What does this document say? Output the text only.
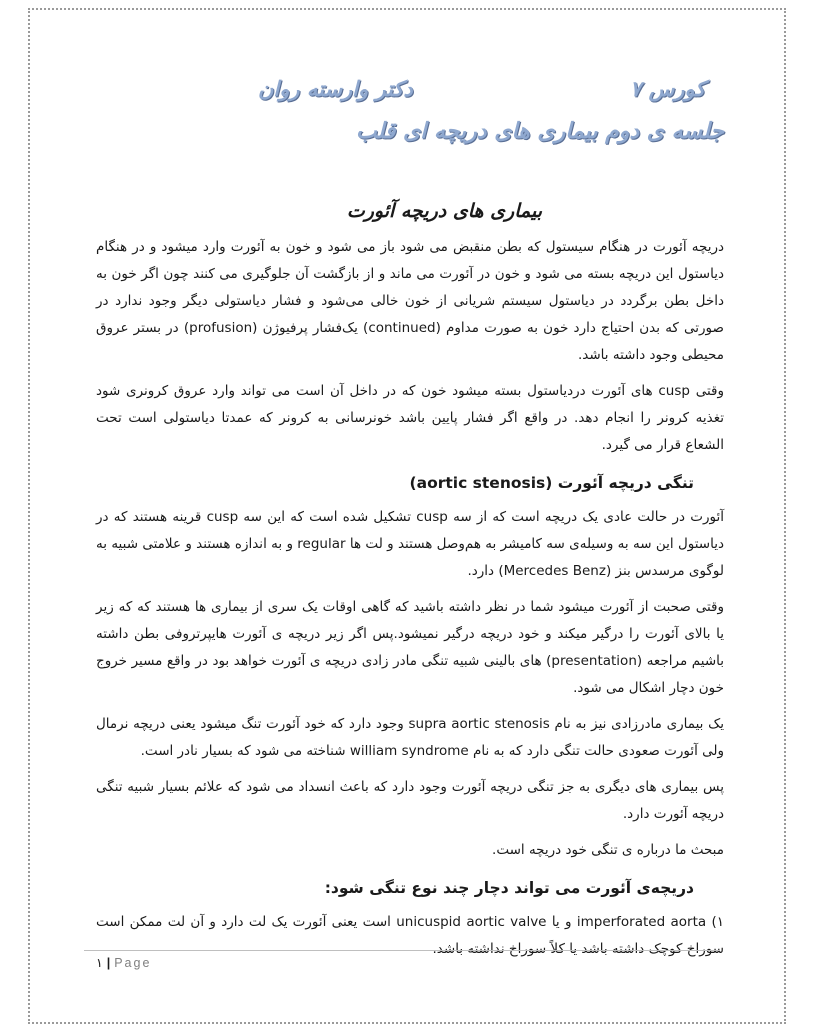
کورس ۷
دکتر وارسته روان
جلسه ی دوم بیماری های دریچه ای قلب
بیماری های دریچه آئورت

دریچه آئورت در هنگام سیستول که بطن منقبض می شود باز می شود و خون به آئورت وارد میشود و در هنگام دیاستول این دریچه بسته می شود و خون در آئورت می ماند و از بازگشت آن جلوگیری می کنند چون اگر خون به داخل بطن برگردد در دیاستول سیستم شریانی از خون خالی می‌شود و فشار دیاستولی دیگر وجود ندارد در صورتی که بدن احتیاج دارد خون به صورت مداوم (continued) یک‌فشار پرفیوژن (profusion) در بستر عروق محیطی وجود داشته باشد.

وقتی cusp های آئورت دردیاستول بسته میشود خون که در داخل آن است می تواند وارد عروق کرونری شود تغذیه کرونر را انجام دهد. در واقع اگر فشار پایین باشد خونرسانی به کرونر که عمدتا دیاستولی است تحت الشعاع قرار می گیرد.

تنگی دریچه آئورت (aortic stenosis)

آئورت در حالت عادی یک دریچه است که از سه cusp تشکیل شده است که این سه cusp قرینه هستند که در دیاستول این سه به وسیله‌ی سه کامیشر به هم‌وصل هستند و لت ها regular و به اندازه هستند و علامتی شبیه به لوگوی مرسدس بنز (Mercedes Benz) دارد.

وقتی صحبت از آئورت میشود شما در نظر داشته باشید که گاهی اوقات یک سری از بیماری ها هستند که که زیر یا بالای آئورت را درگیر میکند و خود دریچه درگیر نمیشود.پس اگر زیر دریچه ی آئورت هایپرتروفی بطن داشته باشیم مراجعه (presentation) های بالینی شبیه تنگی مادر زادی دریچه ی آئورت خواهد بود در واقع مسیر خروج خون دچار اشکال می شود.

یک بیماری مادرزادی نیز به نام supra aortic stenosis وجود دارد که خود آئورت تنگ میشود یعنی دریچه نرمال ولی آئورت صعودی حالت تنگی دارد که به نام william syndrome شناخته می شود که بسیار نادر است.

پس بیماری های دیگری به جز تنگی دریچه آئورت وجود دارد که باعث انسداد می شود که علائم بسیار شبیه تنگی دریچه آئورت دارد.

مبحث ما درباره ی تنگی خود دریچه است.

دریچه‌ی آئورت می تواند دچار چند نوع تنگی شود:

۱) imperforated aorta و یا unicuspid aortic valve است یعنی آئورت یک لت دارد و آن لت ممکن است سوراخ کوچک داشته باشد یا کلاً سوراخ نداشته باشد.

۱ | Page
